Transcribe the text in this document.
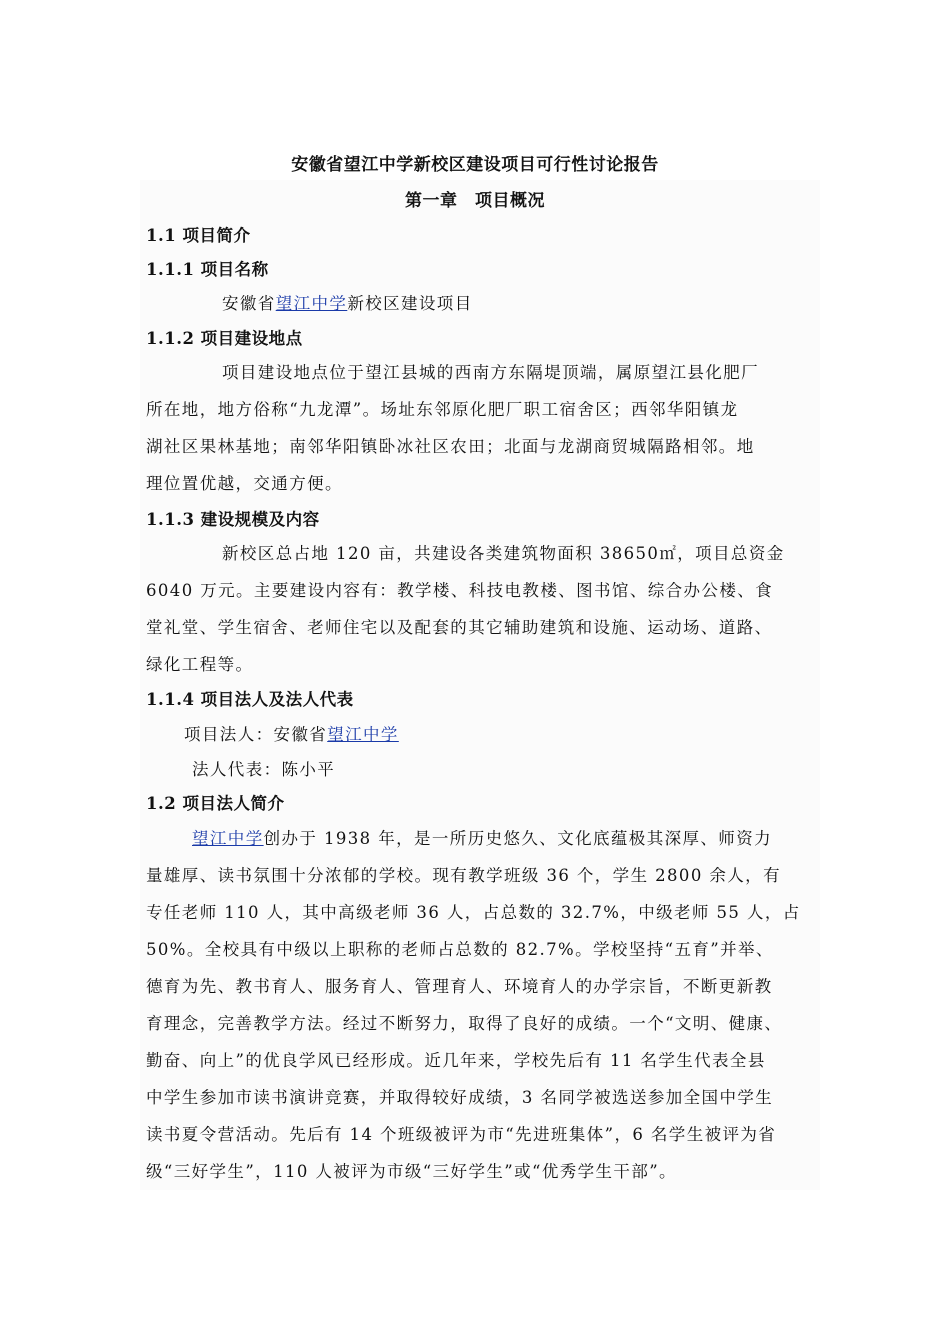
安徽省望江中学新校区建设项目可行性讨论报告
第一章　项目概况
1.1 项目简介
1.1.1 项目名称
安徽省望江中学新校区建设项目
1.1.2 项目建设地点
项目建设地点位于望江县城的西南方东隔堤顶端，属原望江县化肥厂
所在地，地方俗称“九龙潭”。场址东邻原化肥厂职工宿舍区；西邻华阳镇龙
湖社区果林基地；南邻华阳镇卧冰社区农田；北面与龙湖商贸城隔路相邻。地
理位置优越，交通方便。
1.1.3 建设规模及内容
新校区总占地 120 亩，共建设各类建筑物面积 38650㎡，项目总资金
6040 万元。主要建设内容有：教学楼、科技电教楼、图书馆、综合办公楼、食
堂礼堂、学生宿舍、老师住宅以及配套的其它辅助建筑和设施、运动场、道路、
绿化工程等。
1.1.4 项目法人及法人代表
项目法人：安徽省望江中学
法人代表：陈小平
1.2 项目法人简介
望江中学创办于 1938 年，是一所历史悠久、文化底蕴极其深厚、师资力
量雄厚、读书氛围十分浓郁的学校。现有教学班级 36 个，学生 2800 余人，有
专任老师 110 人，其中高级老师 36 人，占总数的 32.7%，中级老师 55 人，占
50%。全校具有中级以上职称的老师占总数的 82.7%。学校坚持“五育”并举、
德育为先、教书育人、服务育人、管理育人、环境育人的办学宗旨，不断更新教
育理念，完善教学方法。经过不断努力，取得了良好的成绩。一个“文明、健康、
勤奋、向上”的优良学风已经形成。近几年来，学校先后有 11 名学生代表全县
中学生参加市读书演讲竞赛，并取得较好成绩，3 名同学被选送参加全国中学生
读书夏令营活动。先后有 14 个班级被评为市“先进班集体”，6 名学生被评为省
级“三好学生”，110 人被评为市级“三好学生”或“优秀学生干部”。
